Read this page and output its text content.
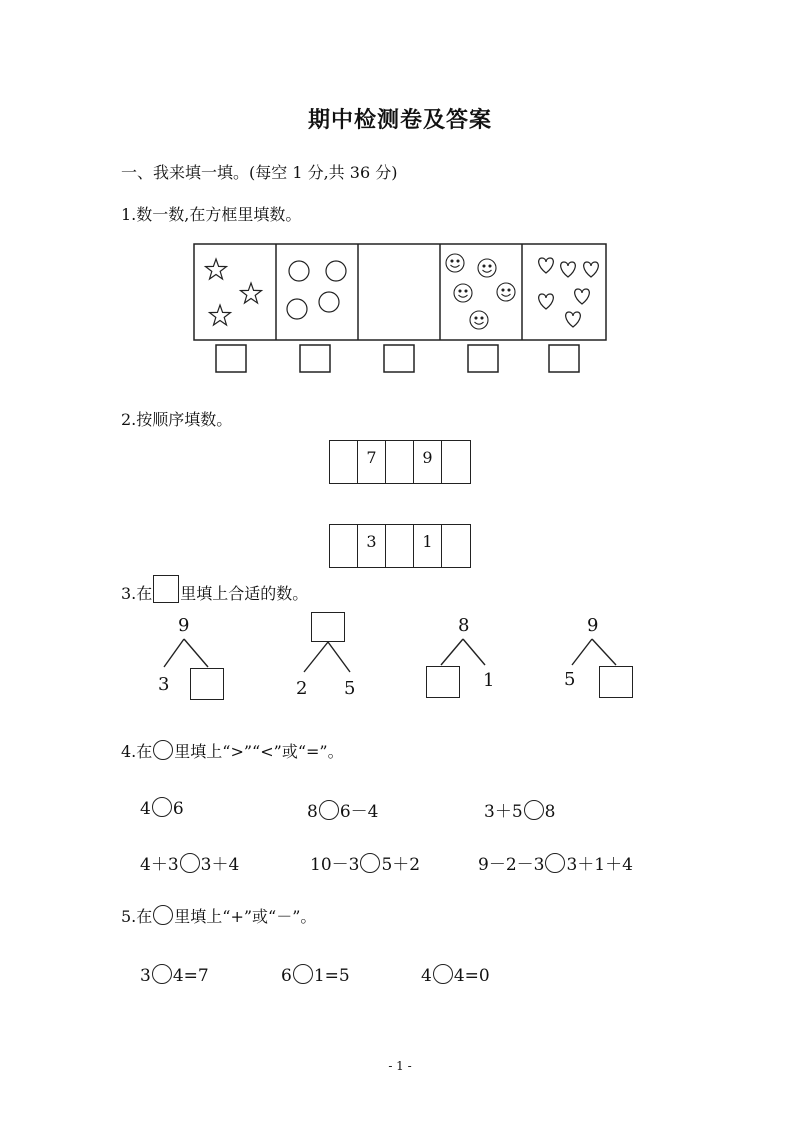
期中检测卷及答案
一、我来填一填。(每空 1 分,共 36 分)
1.数一数,在方框里填数。
2.按顺序填数。
7	9
3	1
3.在 里填上合适的数。
9
3	2 5
8
1
9
5
4.在 里填上“>”“<”或“=”。
4 6	8 6－4	3＋5 8
4＋3 3＋4	10－3 5＋2	9－2－3 3＋1＋4
5.在 里填上“+”或“－”。
3 4=7	6 1=5	4 4=0
- 1 -
